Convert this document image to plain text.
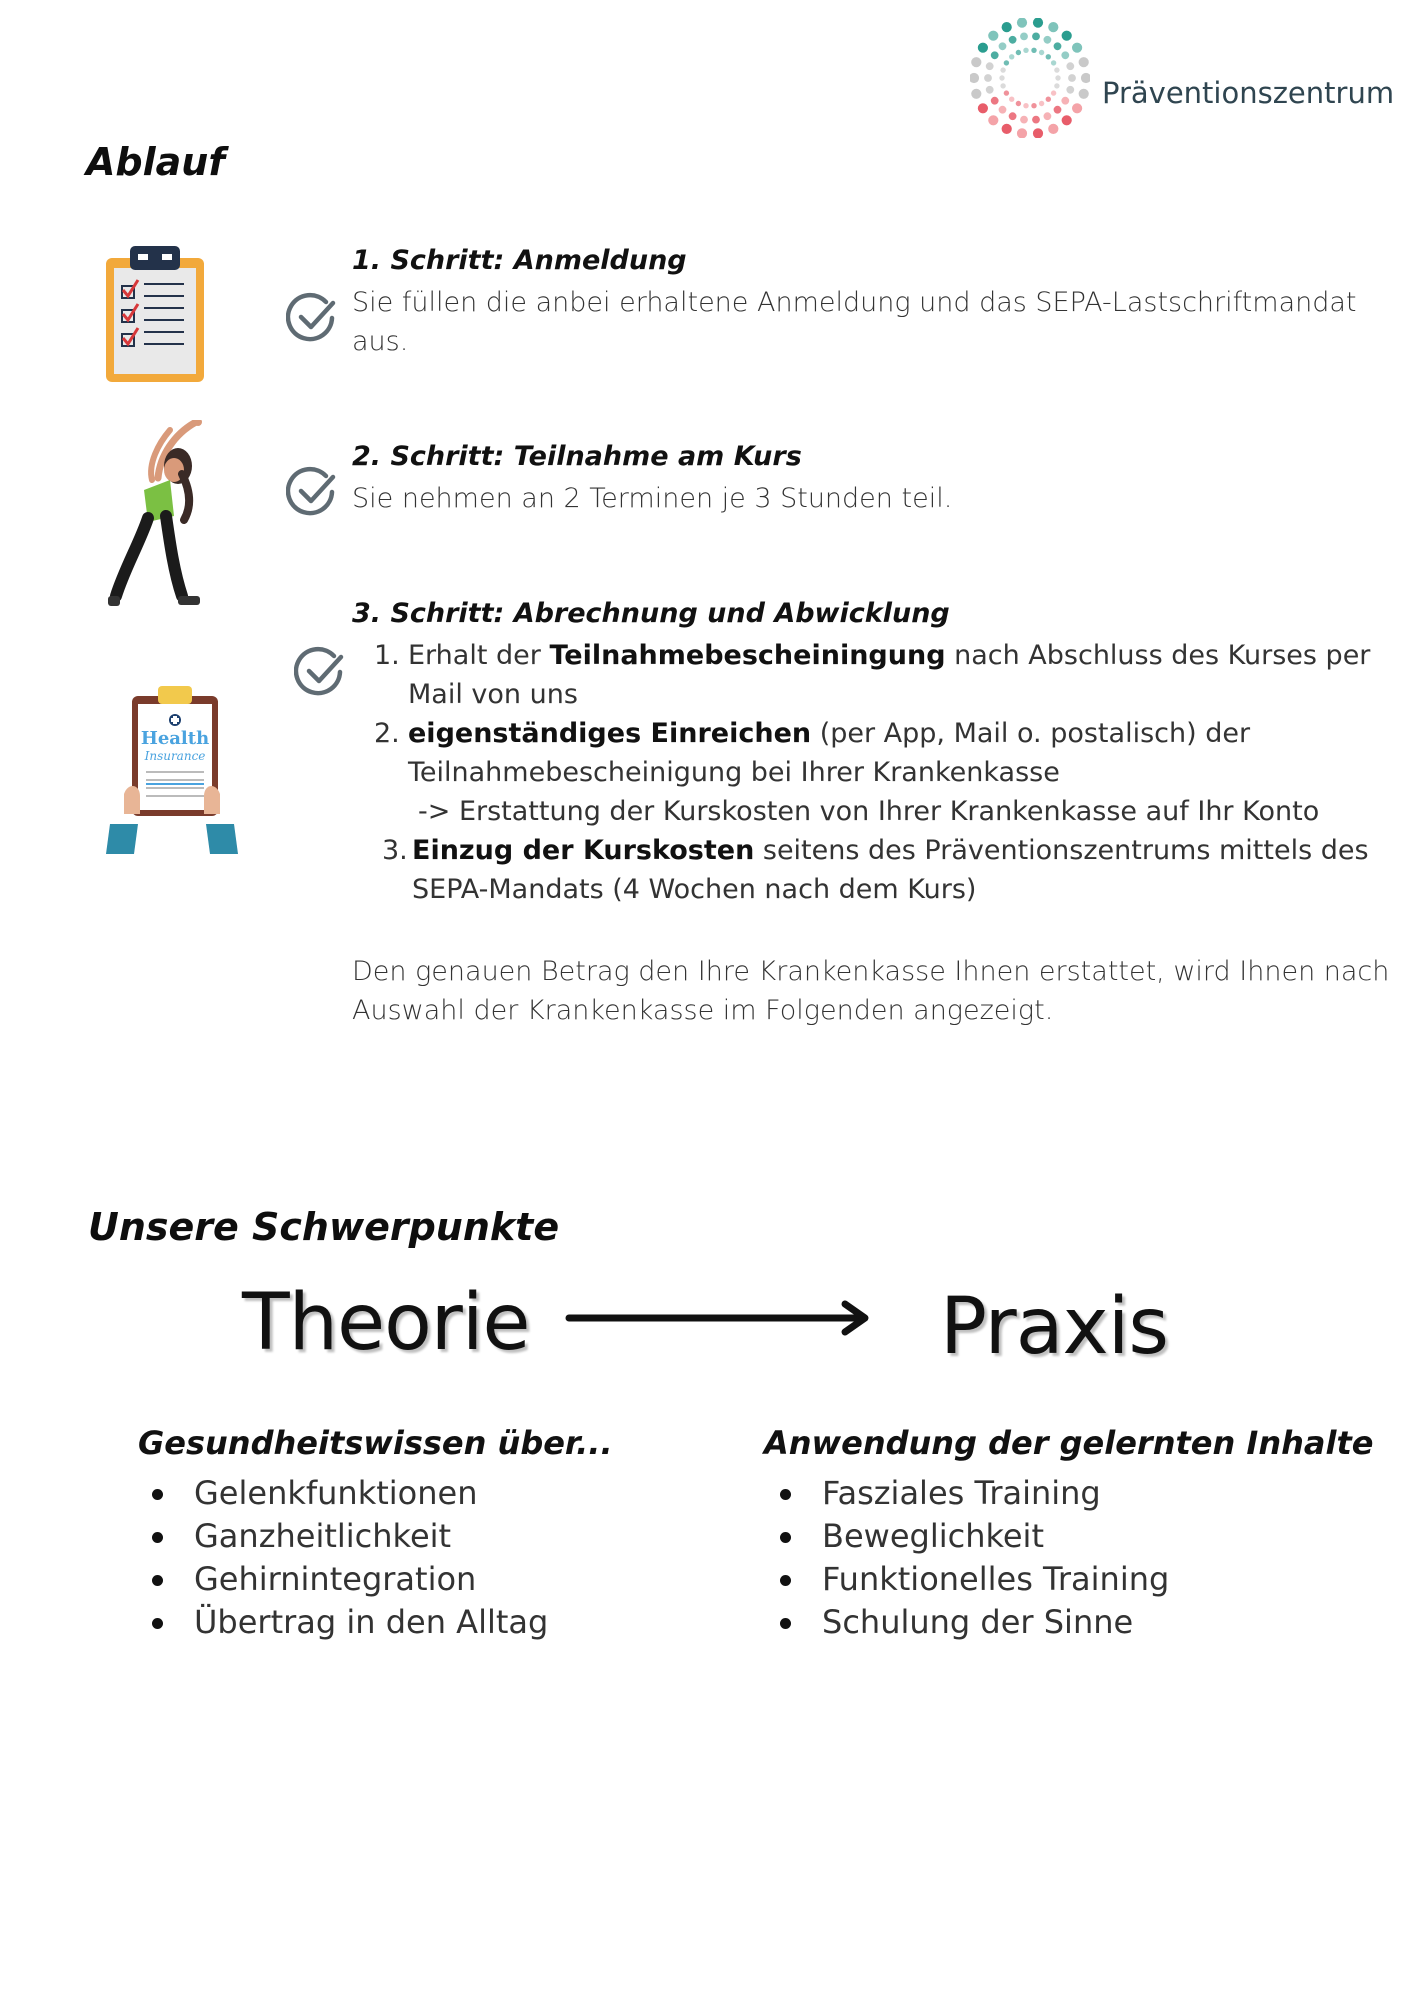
Präventionszentrum
Ablauf
Health
Insurance
1. Schritt: Anmeldung
Sie füllen die anbei erhaltene Anmeldung und das SEPA-Lastschriftmandat
aus.
2. Schritt: Teilnahme am Kurs
Sie nehmen an 2 Terminen je 3 Stunden teil.
3. Schritt: Abrechnung und Abwicklung
1. Erhalt der Teilnahmebescheiningung nach Abschluss des Kurses per
Mail von uns
2. eigenständiges Einreichen (per App, Mail o. postalisch) der
Teilnahmebescheinigung bei Ihrer Krankenkasse
-> Erstattung der Kurskosten von Ihrer Krankenkasse auf Ihr Konto
3. Einzug der Kurskosten seitens des Präventionszentrums mittels des
SEPA-Mandats (4 Wochen nach dem Kurs)
Den genauen Betrag den Ihre Krankenkasse Ihnen erstattet, wird Ihnen nach
Auswahl der Krankenkasse im Folgenden angezeigt.
Unsere Schwerpunkte
Theorie	Praxis
Gesundheitswissen über...
Gelenkfunktionen
Ganzheitlichkeit
Gehirnintegration
Übertrag in den Alltag
Anwendung der gelernten Inhalte
Fasziales Training
Beweglichkeit
Funktionelles Training
Schulung der Sinne
